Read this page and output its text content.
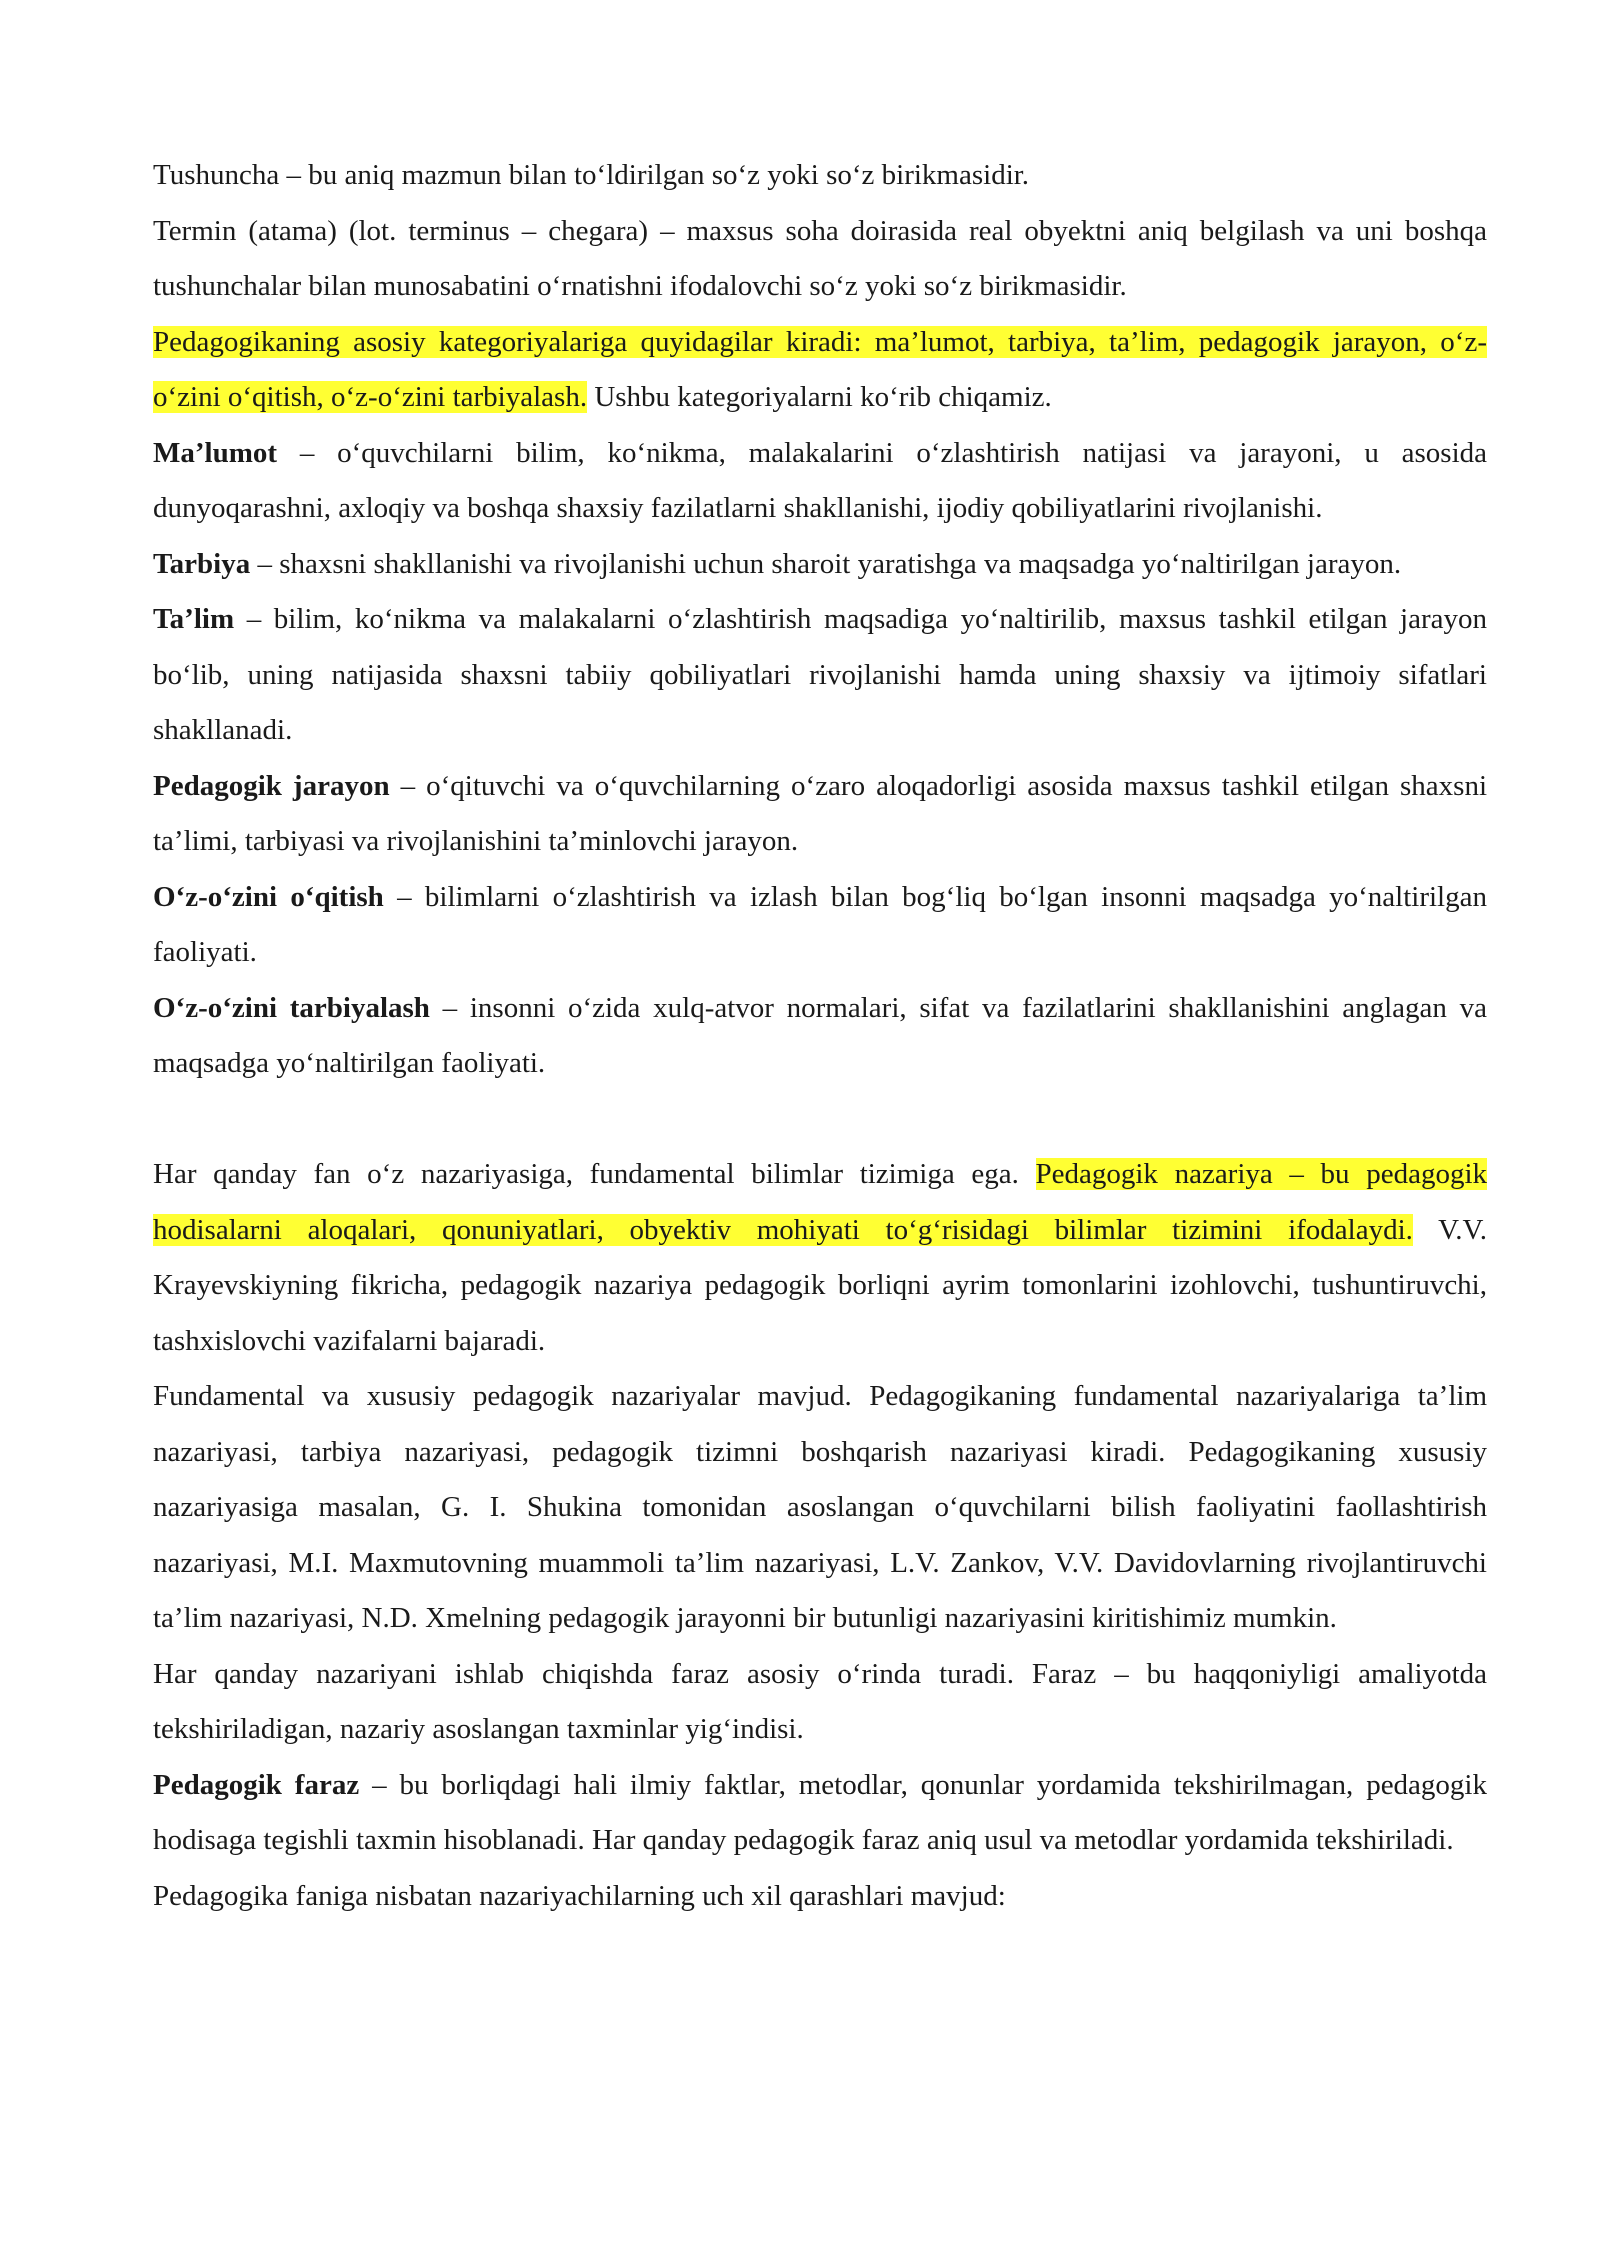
Tushuncha – bu aniq mazmun bilan to‘ldirilgan so‘z yoki so‘z birikmasidir.

Termin (atama) (lot. terminus – chegara) – maxsus soha doirasida real obyektni aniq belgilash va uni boshqa tushunchalar bilan munosabatini o‘rnatishni ifodalovchi so‘z yoki so‘z birikmasidir.

Pedagogikaning asosiy kategoriyalariga quyidagilar kiradi: ma’lumot, tarbiya, ta’lim, pedagogik jarayon, o‘z-o‘zini o‘qitish, o‘z-o‘zini tarbiyalash. Ushbu kategoriyalarni ko‘rib chiqamiz.

Ma’lumot – o‘quvchilarni bilim, ko‘nikma, malakalarini o‘zlashtirish natijasi va jarayoni, u asosida dunyoqarashni, axloqiy va boshqa shaxsiy fazilatlarni shakllanishi, ijodiy qobiliyatlarini rivojlanishi.

Tarbiya – shaxsni shakllanishi va rivojlanishi uchun sharoit yaratishga va maqsadga yo‘naltirilgan jarayon.

Ta’lim – bilim, ko‘nikma va malakalarni o‘zlashtirish maqsadiga yo‘naltirilib, maxsus tashkil etilgan jarayon bo‘lib, uning natijasida shaxsni tabiiy qobiliyatlari rivojlanishi hamda uning shaxsiy va ijtimoiy sifatlari shakllanadi.

Pedagogik jarayon – o‘qituvchi va o‘quvchilarning o‘zaro aloqadorligi asosida maxsus tashkil etilgan shaxsni ta’limi, tarbiyasi va rivojlanishini ta’minlovchi jarayon.

O‘z-o‘zini o‘qitish – bilimlarni o‘zlashtirish va izlash bilan bog‘liq bo‘lgan insonni maqsadga yo‘naltirilgan faoliyati.

O‘z-o‘zini tarbiyalash – insonni o‘zida xulq-atvor normalari, sifat va fazilatlarini shakllanishini anglagan va maqsadga yo‘naltirilgan faoliyati.

Har qanday fan o‘z nazariyasiga, fundamental bilimlar tizimiga ega. Pedagogik nazariya – bu pedagogik hodisalarni aloqalari, qonuniyatlari, obyektiv mohiyati to‘g‘risidagi bilimlar tizimini ifodalaydi. V.V. Krayevskiyning fikricha, pedagogik nazariya pedagogik borliqni ayrim tomonlarini izohlovchi, tushuntiruvchi, tashxislovchi vazifalarni bajaradi.

Fundamental va xususiy pedagogik nazariyalar mavjud. Pedagogikaning fundamental nazariyalariga ta’lim nazariyasi, tarbiya nazariyasi, pedagogik tizimni boshqarish nazariyasi kiradi. Pedagogikaning xususiy nazariyasiga masalan, G. I. Shukina tomonidan asoslangan o‘quvchilarni bilish faoliyatini faollashtirish nazariyasi, M.I. Maxmutovning muammoli ta’lim nazariyasi, L.V. Zankov, V.V. Davidovlarning rivojlantiruvchi ta’lim nazariyasi, N.D. Xmelning pedagogik jarayonni bir butunligi nazariyasini kiritishimiz mumkin.

Har qanday nazariyani ishlab chiqishda faraz asosiy o‘rinda turadi. Faraz – bu haqqoniyligi amaliyotda tekshiriladigan, nazariy asoslangan taxminlar yig‘indisi.

Pedagogik faraz – bu borliqdagi hali ilmiy faktlar, metodlar, qonunlar yordamida tekshirilmagan, pedagogik hodisaga tegishli taxmin hisoblanadi. Har qanday pedagogik faraz aniq usul va metodlar yordamida tekshiriladi.

Pedagogika faniga nisbatan nazariyachilarning uch xil qarashlari mavjud:
